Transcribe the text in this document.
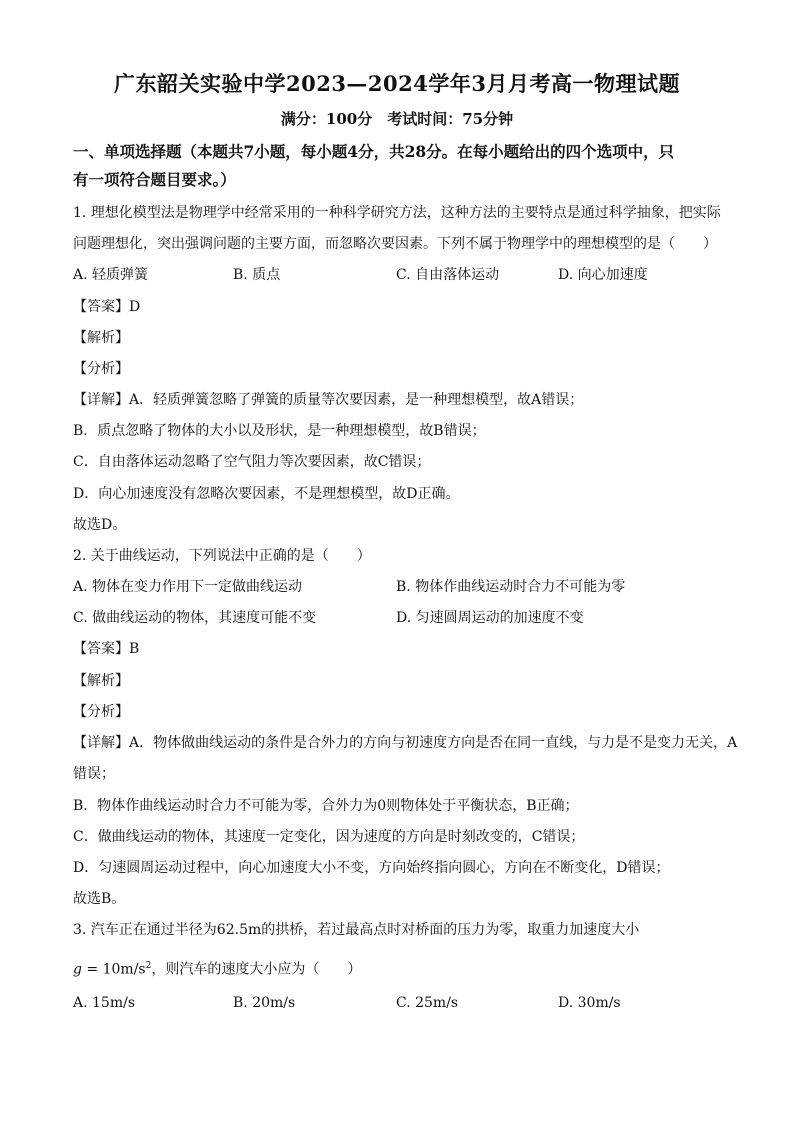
广东韶关实验中学2023—2024学年3月月考高一物理试题
满分：100分　考试时间：75分钟
一、单项选择题（本题共7小题，每小题4分，共28分。在每小题给出的四个选项中，只
有一项符合题目要求。）
1. 理想化模型法是物理学中经常采用的一种科学研究方法，这种方法的主要特点是通过科学抽象，把实际
问题理想化，突出强调问题的主要方面，而忽略次要因素。下列不属于物理学中的理想模型的是（　　）
A. 轻质弹簧	B. 质点	C. 自由落体运动	D. 向心加速度
【答案】D
【解析】
【分析】
【详解】A．轻质弹簧忽略了弹簧的质量等次要因素，是一种理想模型，故A错误；
B．质点忽略了物体的大小以及形状，是一种理想模型，故B错误；
C．自由落体运动忽略了空气阻力等次要因素，故C错误；
D．向心加速度没有忽略次要因素，不是理想模型，故D正确。
故选D。
2. 关于曲线运动，下列说法中正确的是（　　）
A. 物体在变力作用下一定做曲线运动	B. 物体作曲线运动时合力不可能为零
C. 做曲线运动的物体，其速度可能不变	D. 匀速圆周运动的加速度不变
【答案】B
【解析】
【分析】
【详解】A．物体做曲线运动的条件是合外力的方向与初速度方向是否在同一直线，与力是不是变力无关，A
错误；
B．物体作曲线运动时合力不可能为零，合外力为0则物体处于平衡状态，B正确；
C．做曲线运动的物体，其速度一定变化，因为速度的方向是时刻改变的，C错误；
D．匀速圆周运动过程中，向心加速度大小不变，方向始终指向圆心，方向在不断变化，D错误；
故选B。
3. 汽车正在通过半径为62.5m的拱桥，若过最高点时对桥面的压力为零，取重力加速度大小
$g = 10m/s^2$，则汽车的速度大小应为（　　）
A. 15m/s	B. 20m/s	C. 25m/s	D. 30m/s
